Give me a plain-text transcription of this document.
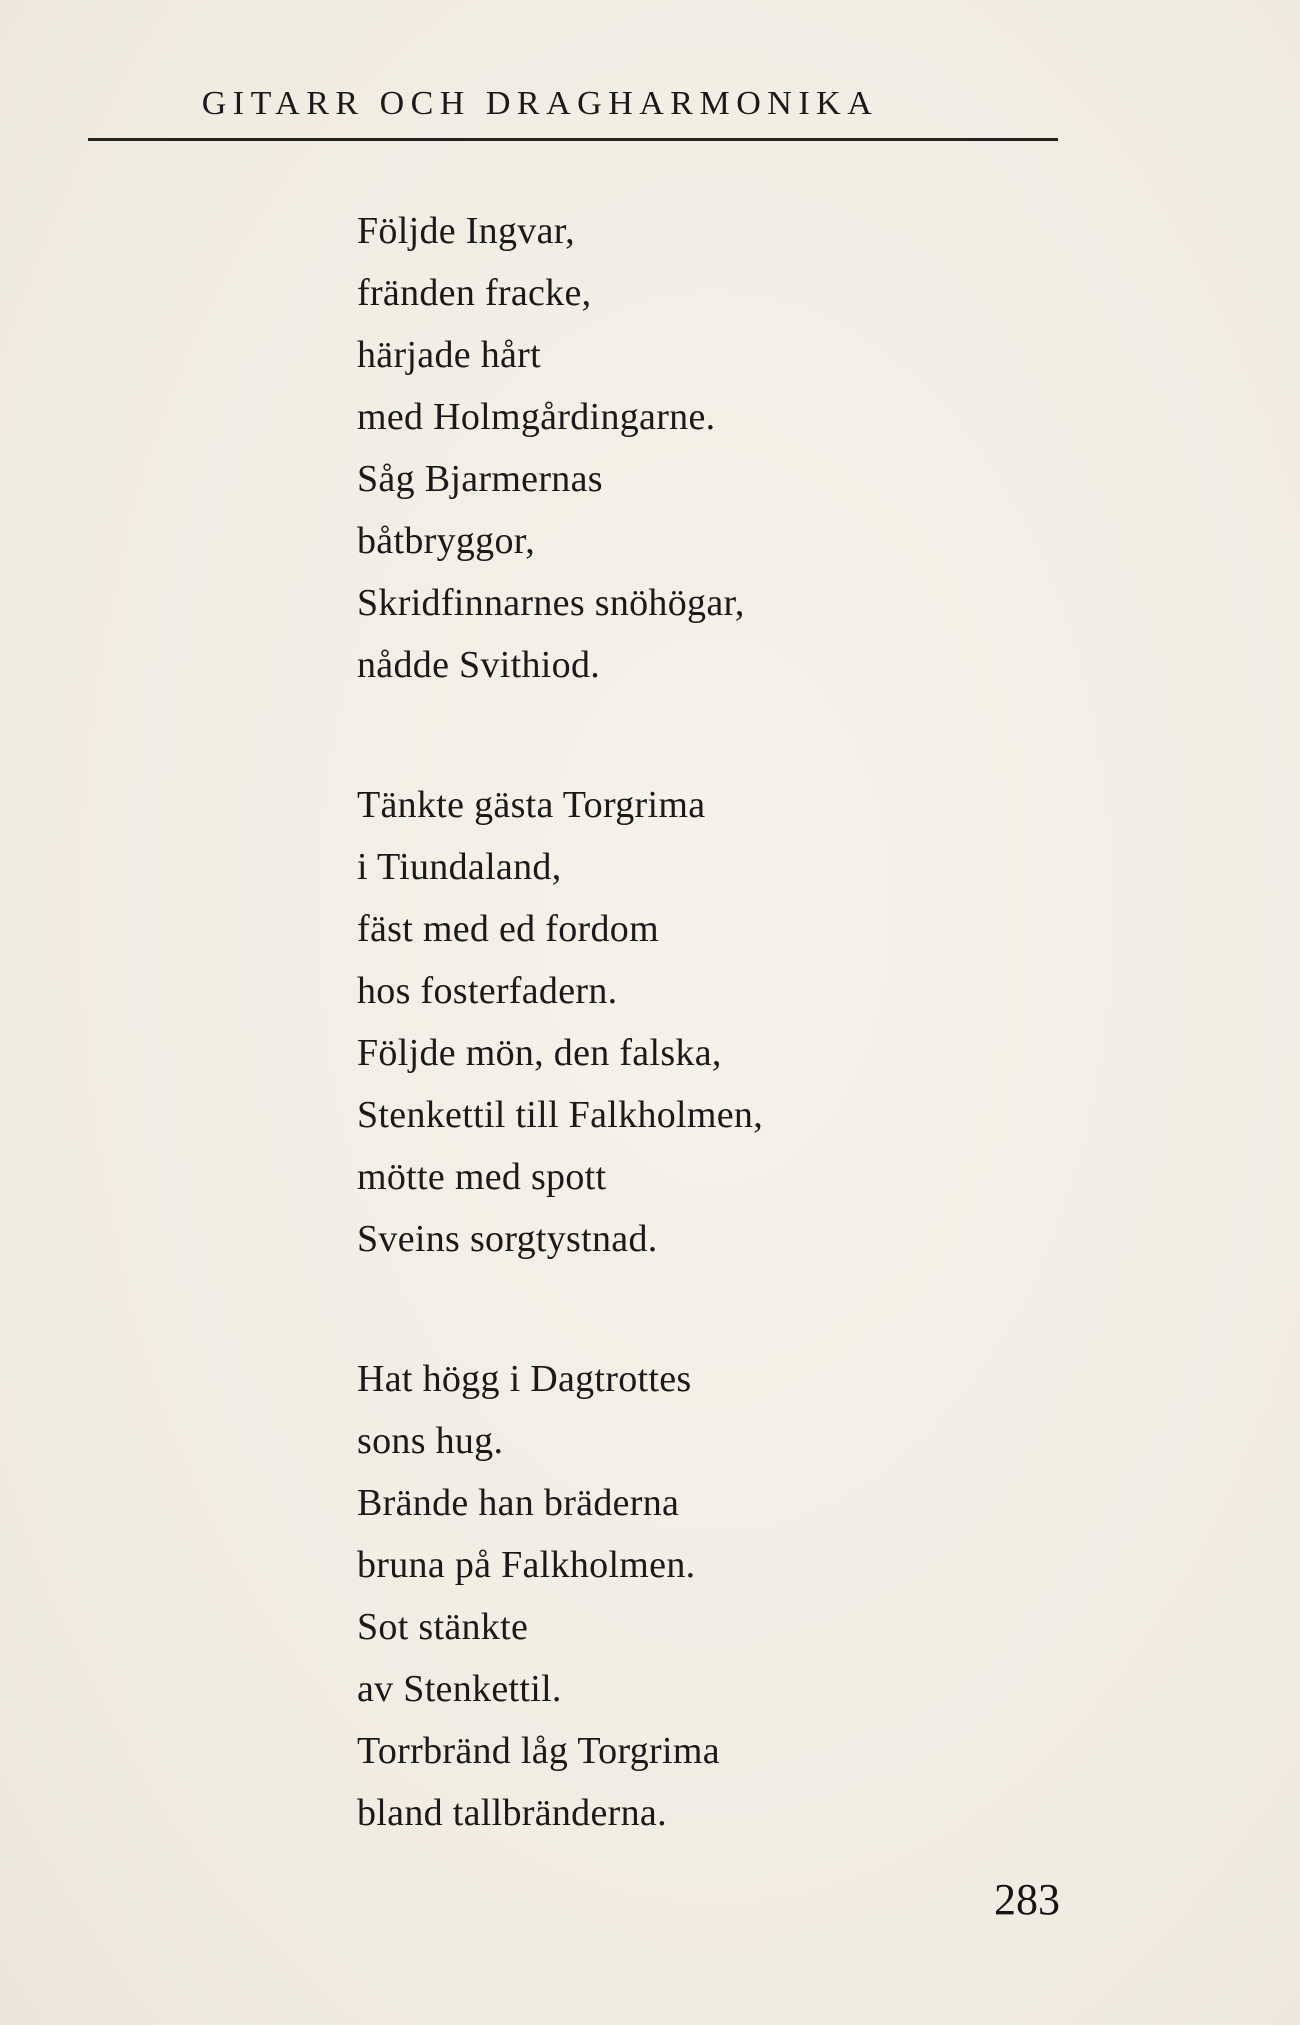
GITARR OCH DRAGHARMONIKA
Följde Ingvar,
fränden fracke,
härjade hårt
med Holmgårdingarne.
Såg Bjarmernas
båtbryggor,
Skridfinnarnes snöhögar,
nådde Svithiod.
Tänkte gästa Torgrima
i Tiundaland,
fäst med ed fordom
hos fosterfadern.
Följde mön, den falska,
Stenkettil till Falkholmen,
mötte med spott
Sveins sorgtystnad.
Hat högg i Dagtrottes
sons hug.
Brände han bräderna
bruna på Falkholmen.
Sot stänkte
av Stenkettil.
Torrbränd låg Torgrima
bland tallbränderna.
283
